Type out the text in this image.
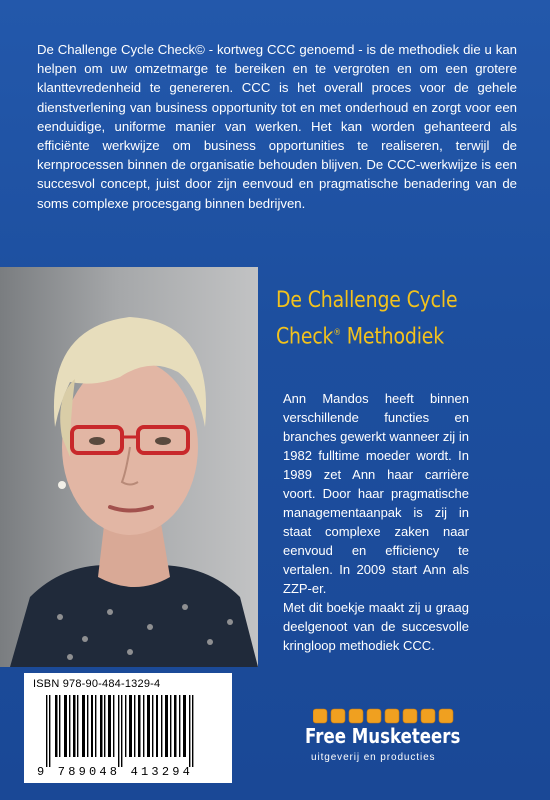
De Challenge Cycle Check© - kortweg CCC genoemd - is de methodiek die u kan helpen om uw omzetmarge te bereiken en te vergroten en om een grotere klanttevredenheid te genereren. CCC is het overall proces voor de gehele dienstverlening van business opportunity tot en met onderhoud en zorgt voor een eenduidige, uniforme manier van werken. Het kan worden gehanteerd als efficiënte werkwijze om business opportunities te realiseren, terwijl de kernprocessen binnen de organisatie behouden blijven. De CCC-werkwijze is een succesvol concept, juist door zijn eenvoud en pragmatische benadering van de soms complexe procesgang binnen bedrijven.
De Challenge Cycle
Check® Methodiek
Ann Mandos heeft binnen verschillende functies en branches gewerkt wanneer zij in 1982 fulltime moeder wordt. In 1989 zet Ann haar carrière voort. Door haar pragmatische managementaanpak is zij in staat complexe zaken naar eenvoud en efficiency te vertalen. In 2009 start Ann als ZZP-er.
Met dit boekje maakt zij u graag deelgenoot van de succesvolle kringloop methodiek CCC.
ISBN 978-90-484-1329-4
9 789048 413294
Free Musketeers
uitgeverij en producties
